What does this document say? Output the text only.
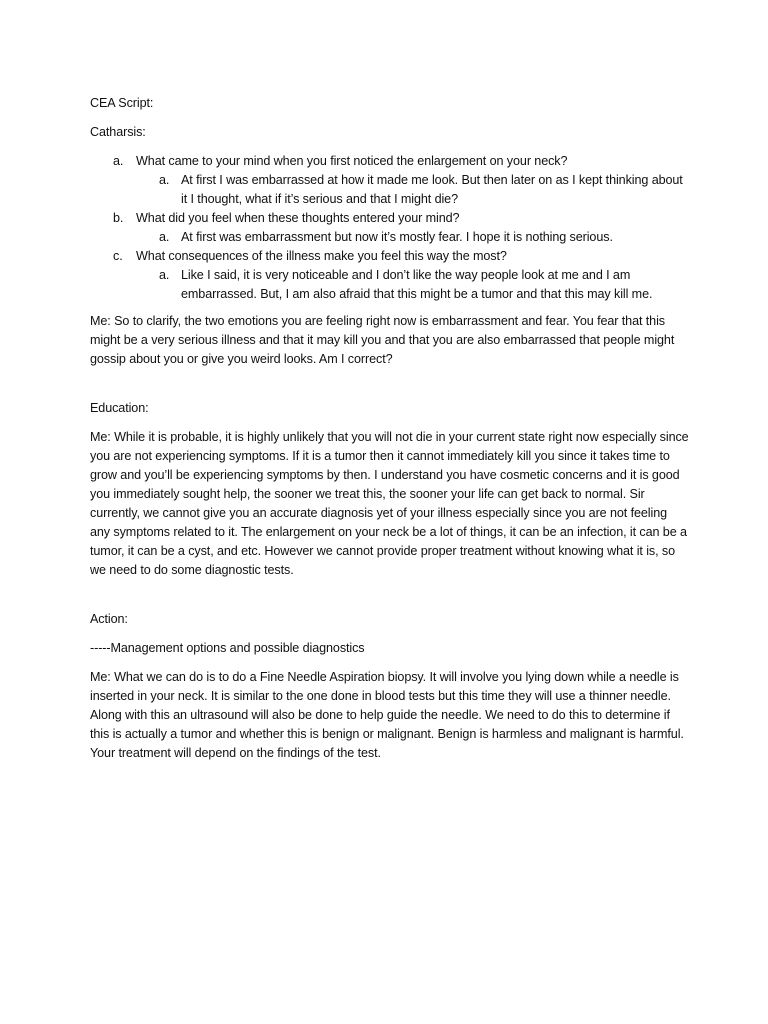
CEA Script:

Catharsis:

a. What came to your mind when you first noticed the enlargement on your neck?
a. At first I was embarrassed at how it made me look. But then later on as I kept thinking about it I thought, what if it’s serious and that I might die?
b. What did you feel when these thoughts entered your mind?
a. At first was embarrassment but now it’s mostly fear. I hope it is nothing serious.
c. What consequences of the illness make you feel this way the most?
a. Like I said, it is very noticeable and I don’t like the way people look at me and I am embarrassed. But, I am also afraid that this might be a tumor and that this may kill me.

Me: So to clarify, the two emotions you are feeling right now is embarrassment and fear. You fear that this might be a very serious illness and that it may kill you and that you are also embarrassed that people might gossip about you or give you weird looks. Am I correct?

Education:

Me: While it is probable, it is highly unlikely that you will not die in your current state right now especially since you are not experiencing symptoms. If it is a tumor then it cannot immediately kill you since it takes time to grow and you’ll be experiencing symptoms by then. I understand you have cosmetic concerns and it is good you immediately sought help, the sooner we treat this, the sooner your life can get back to normal. Sir currently, we cannot give you an accurate diagnosis yet of your illness especially since you are not feeling any symptoms related to it. The enlargement on your neck be a lot of things, it can be an infection, it can be a tumor, it can be a cyst, and etc. However we cannot provide proper treatment without knowing what it is, so we need to do some diagnostic tests.

Action:

-----Management options and possible diagnostics

Me: What we can do is to do a Fine Needle Aspiration biopsy. It will involve you lying down while a needle is inserted in your neck. It is similar to the one done in blood tests but this time they will use a thinner needle. Along with this an ultrasound will also be done to help guide the needle. We need to do this to determine if this is actually a tumor and whether this is benign or malignant. Benign is harmless and malignant is harmful. Your treatment will depend on the findings of the test.
